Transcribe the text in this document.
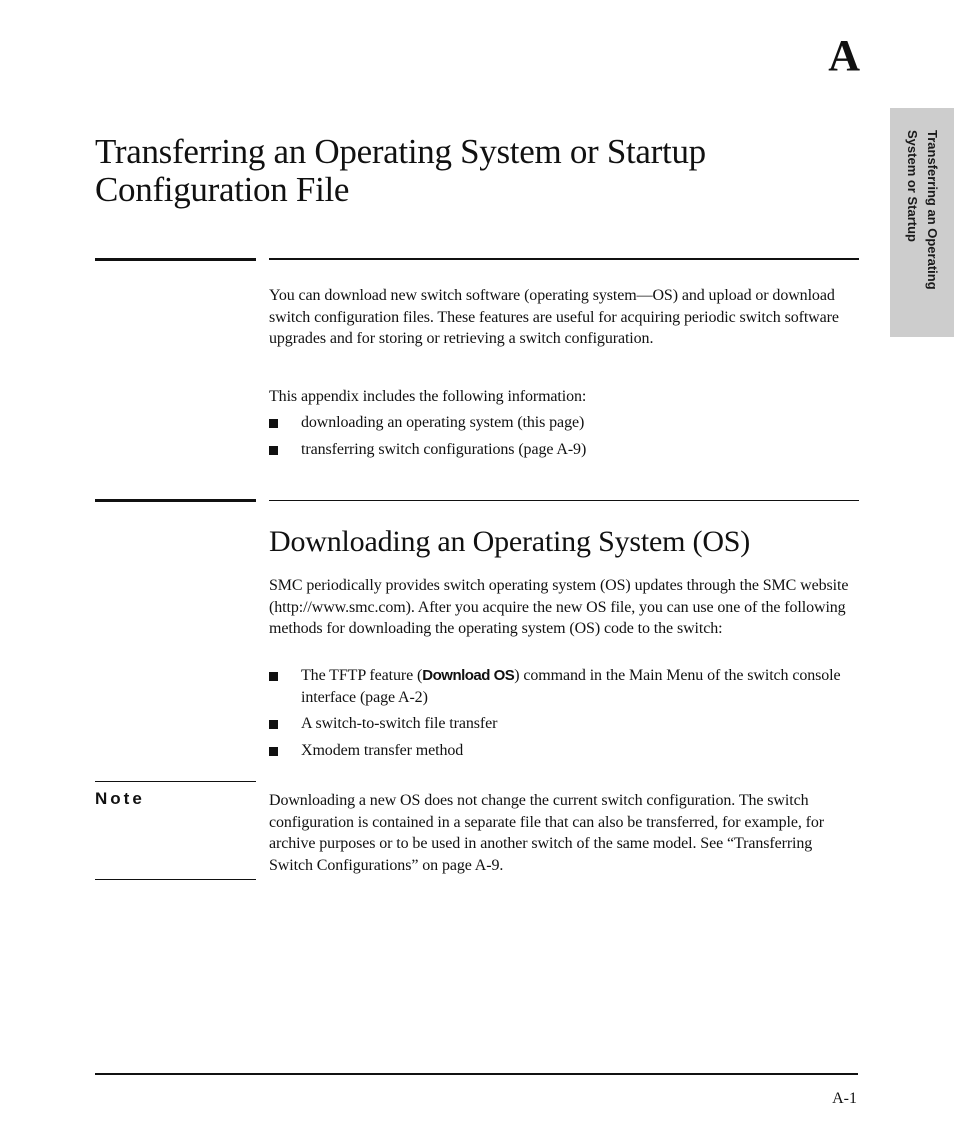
A
Transferring an Operating System or Startup Configuration File	Transferring an Operating
System or Startup

You can download new switch software (operating system—OS) and upload or download switch configuration files. These features are useful for acquiring periodic switch software upgrades and for storing or retrieving a switch configuration.

This appendix includes the following information:

downloading an operating system (this page)
transferring switch configurations (page A-9)
Downloading an Operating System (OS)

SMC periodically provides switch operating system (OS) updates through the SMC website (http://www.smc.com). After you acquire the new OS file, you can use one of the following methods for downloading the operating system (OS) code to the switch:

The TFTP feature (Download OS) command in the Main Menu of the switch console interface (page A-2)
A switch-to-switch file transfer
Xmodem transfer method
Note	Downloading a new OS does not change the current switch configuration. The switch configuration is contained in a separate file that can also be transferred, for example, for archive purposes or to be used in another switch of the same model. See “Transferring Switch Configurations” on page A-9.

A-1
